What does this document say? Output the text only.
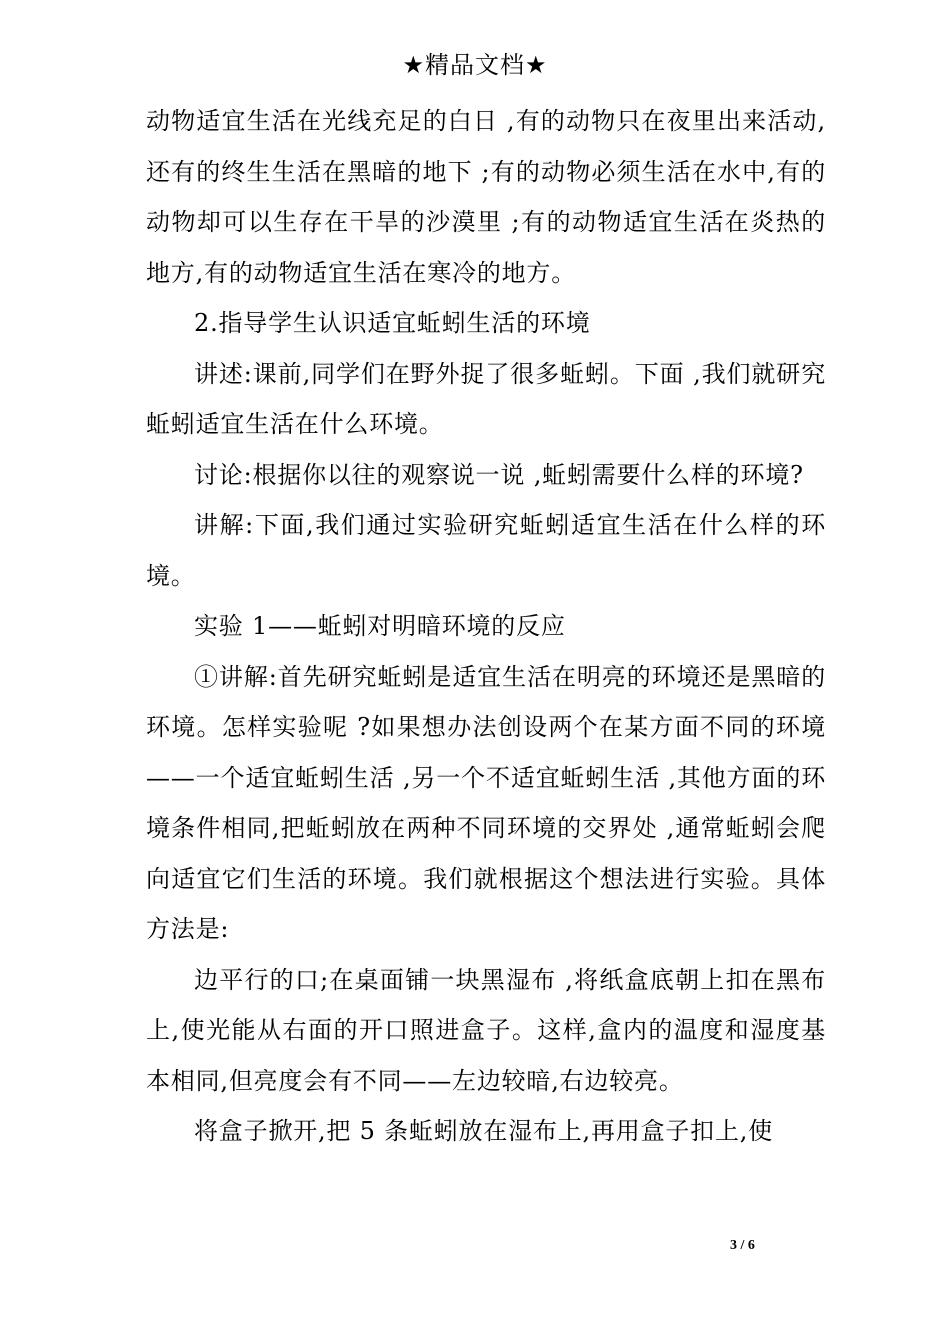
★精品文档★

动物适宜生活在光线充足的白日 ,有的动物只在夜里出来活动,还有的终生生活在黑暗的地下 ;有的动物必须生活在水中,有的动物却可以生存在干旱的沙漠里 ;有的动物适宜生活在炎热的地方,有的动物适宜生活在寒冷的地方。

2.指导学生认识适宜蚯蚓生活的环境

讲述:课前,同学们在野外捉了很多蚯蚓。下面 ,我们就研究蚯蚓适宜生活在什么环境。

讨论:根据你以往的观察说一说 ,蚯蚓需要什么样的环境?

讲解:下面,我们通过实验研究蚯蚓适宜生活在什么样的环境。

实验 1——蚯蚓对明暗环境的反应

①讲解:首先研究蚯蚓是适宜生活在明亮的环境还是黑暗的环境。怎样实验呢 ?如果想办法创设两个在某方面不同的环境——一个适宜蚯蚓生活 ,另一个不适宜蚯蚓生活 ,其他方面的环境条件相同,把蚯蚓放在两种不同环境的交界处 ,通常蚯蚓会爬向适宜它们生活的环境。我们就根据这个想法进行实验。具体方法是:

边平行的口;在桌面铺一块黑湿布 ,将纸盒底朝上扣在黑布上,使光能从右面的开口照进盒子。这样,盒内的温度和湿度基本相同,但亮度会有不同——左边较暗,右边较亮。

将盒子掀开,把 5 条蚯蚓放在湿布上,再用盒子扣上,使

3 / 6
